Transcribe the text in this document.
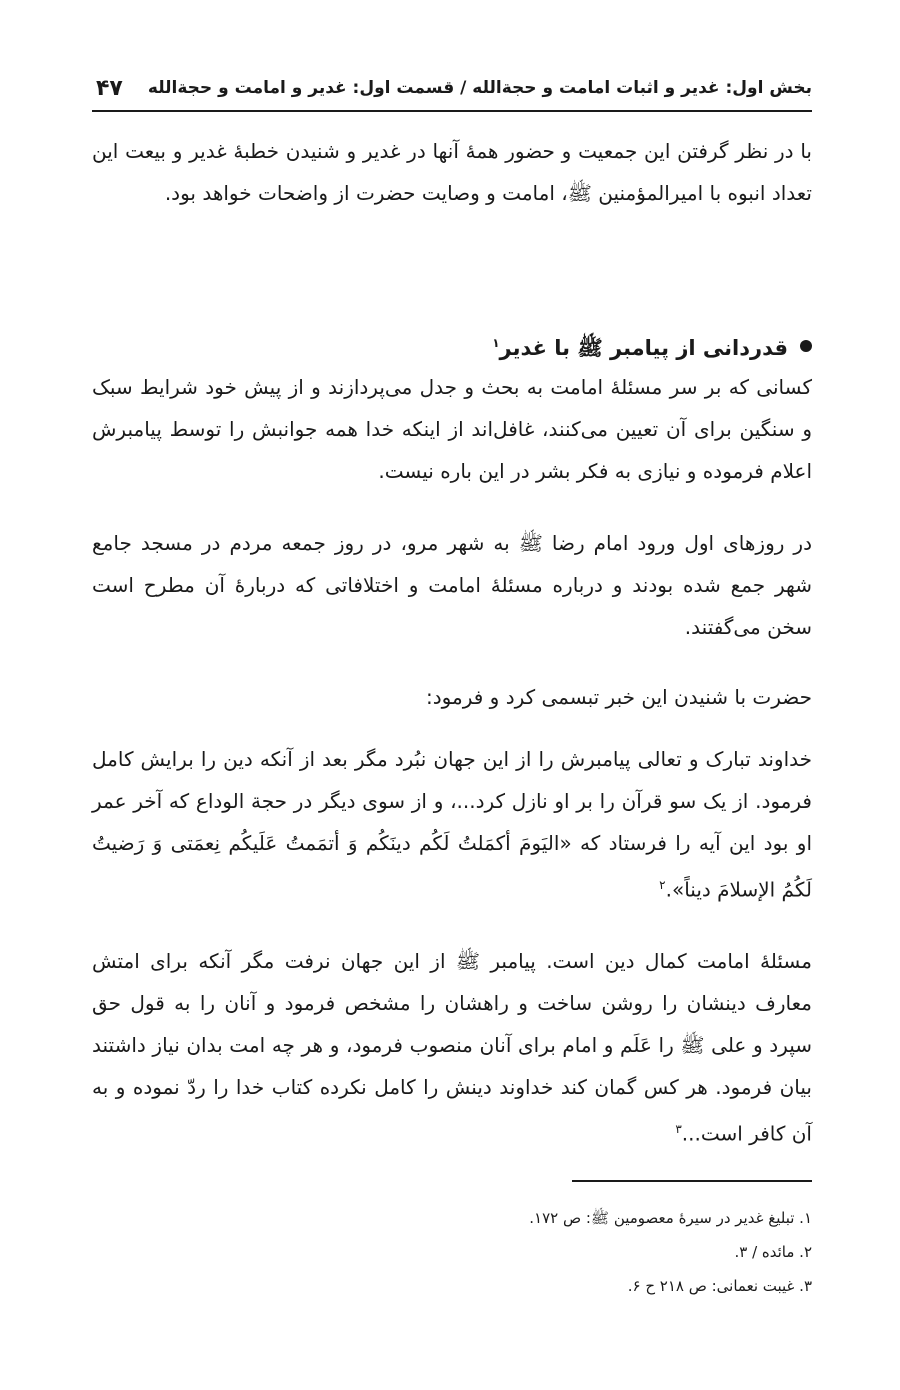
بخش اول: غدیر و اثبات امامت و حجةالله / قسمت اول: غدیر و امامت و حجةالله
۴۷

با در نظر گرفتن این جمعیت و حضور همهٔ آنها در غدیر و شنیدن خطبهٔ غدیر و بیعت این تعداد انبوه با امیرالمؤمنین ﷺ، امامت و وصایت حضرت از واضحات خواهد بود.

قدردانی از پیامبر ﷺ با غدیر$^۱$

کسانی که بر سر مسئلهٔ امامت به بحث و جدل می‌پردازند و از پیش خود شرایط سبک و سنگین برای آن تعیین می‌کنند، غافل‌اند از اینکه خدا همه جوانبش را توسط پیامبرش اعلام فرموده و نیازی به فکر بشر در این باره نیست.

در روزهای اول ورود امام رضا ﷺ به شهر مرو، در روز جمعه مردم در مسجد جامع شهر جمع شده بودند و درباره مسئلهٔ امامت و اختلافاتی که دربارهٔ آن مطرح است سخن می‌گفتند.

حضرت با شنیدن این خبر تبسمی کرد و فرمود:

خداوند تبارک و تعالی پیامبرش را از این جهان نبُرد مگر بعد از آنکه دین را برایش کامل فرمود. از یک سو قرآن را بر او نازل کرد...، و از سوی دیگر در حجة الوداع که آخر عمر او بود این آیه را فرستاد که «الیَومَ أکمَلتُ لَکُم دینَکُم وَ أتمَمتُ عَلَیکُم نِعمَتی وَ رَضیتُ لَکُمُ الإسلامَ دیناً».$^۲$

مسئلهٔ امامت کمال دین است. پیامبر ﷺ از این جهان نرفت مگر آنکه برای امتش معارف دینشان را روشن ساخت و راهشان را مشخص فرمود و آنان را به قول حق سپرد و علی ﷺ را عَلَم و امام برای آنان منصوب فرمود، و هر چه امت بدان نیاز داشتند بیان فرمود. هر کس گمان کند خداوند دینش را کامل نکرده کتاب خدا را ردّ نموده و به آن کافر است...$^۳$

۱. تبلیغ غدیر در سیرهٔ معصومین ﷺ: ص ۱۷۲.
۲. مائده / ۳.
۳. غیبت نعمانی: ص ۲۱۸ ح ۶.
